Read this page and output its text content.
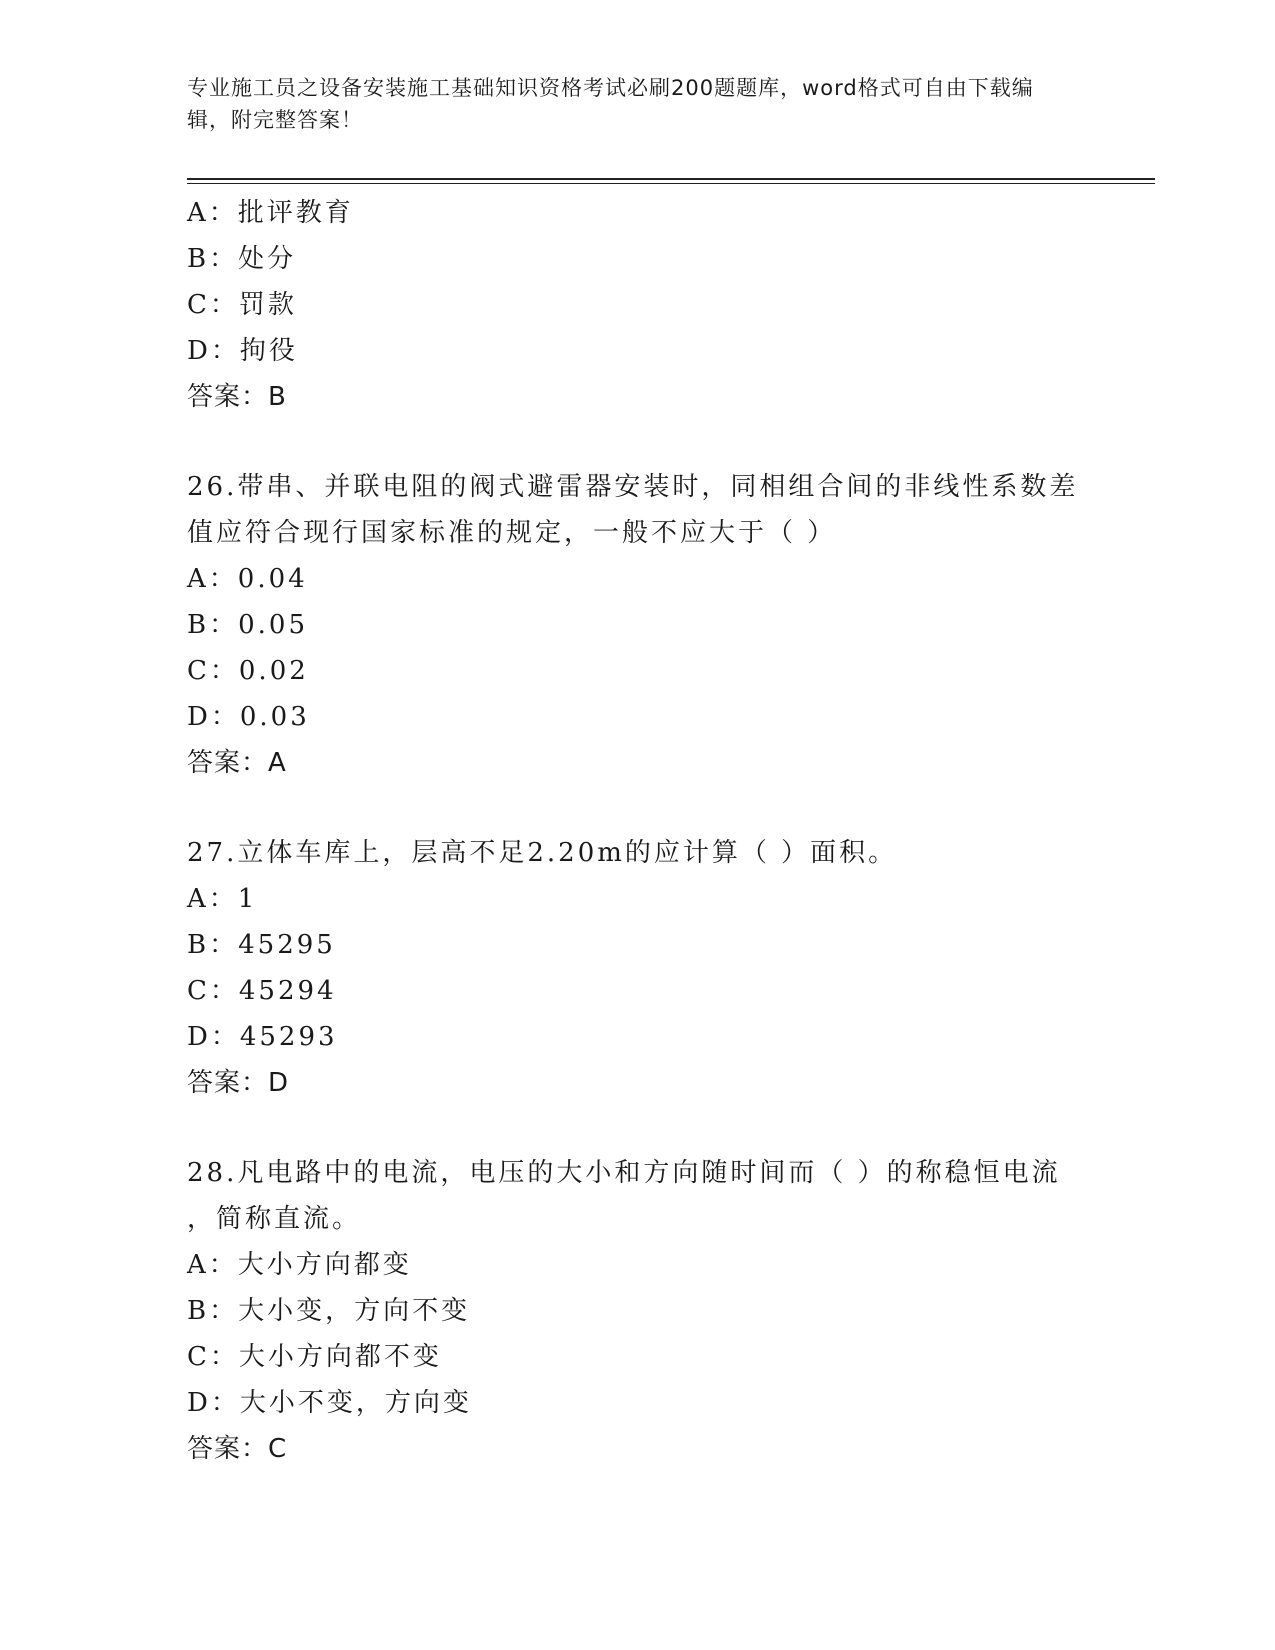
专业施工员之设备安装施工基础知识资格考试必刷200题题库，word格式可自由下载编辑，附完整答案！
A：批评教育
B：处分
C：罚款
D：拘役
答案：B
26.带串、并联电阻的阀式避雷器安装时，同相组合间的非线性系数差
值应符合现行国家标准的规定，一般不应大于（ ）
A：0.04
B：0.05
C：0.02
D：0.03
答案：A
27.立体车库上，层高不足2.20m的应计算（ ）面积。
A：1
B：45295
C：45294
D：45293
答案：D
28.凡电路中的电流，电压的大小和方向随时间而（ ）的称稳恒电流
，简称直流。
A：大小方向都变
B：大小变，方向不变
C：大小方向都不变
D：大小不变，方向变
答案：C
